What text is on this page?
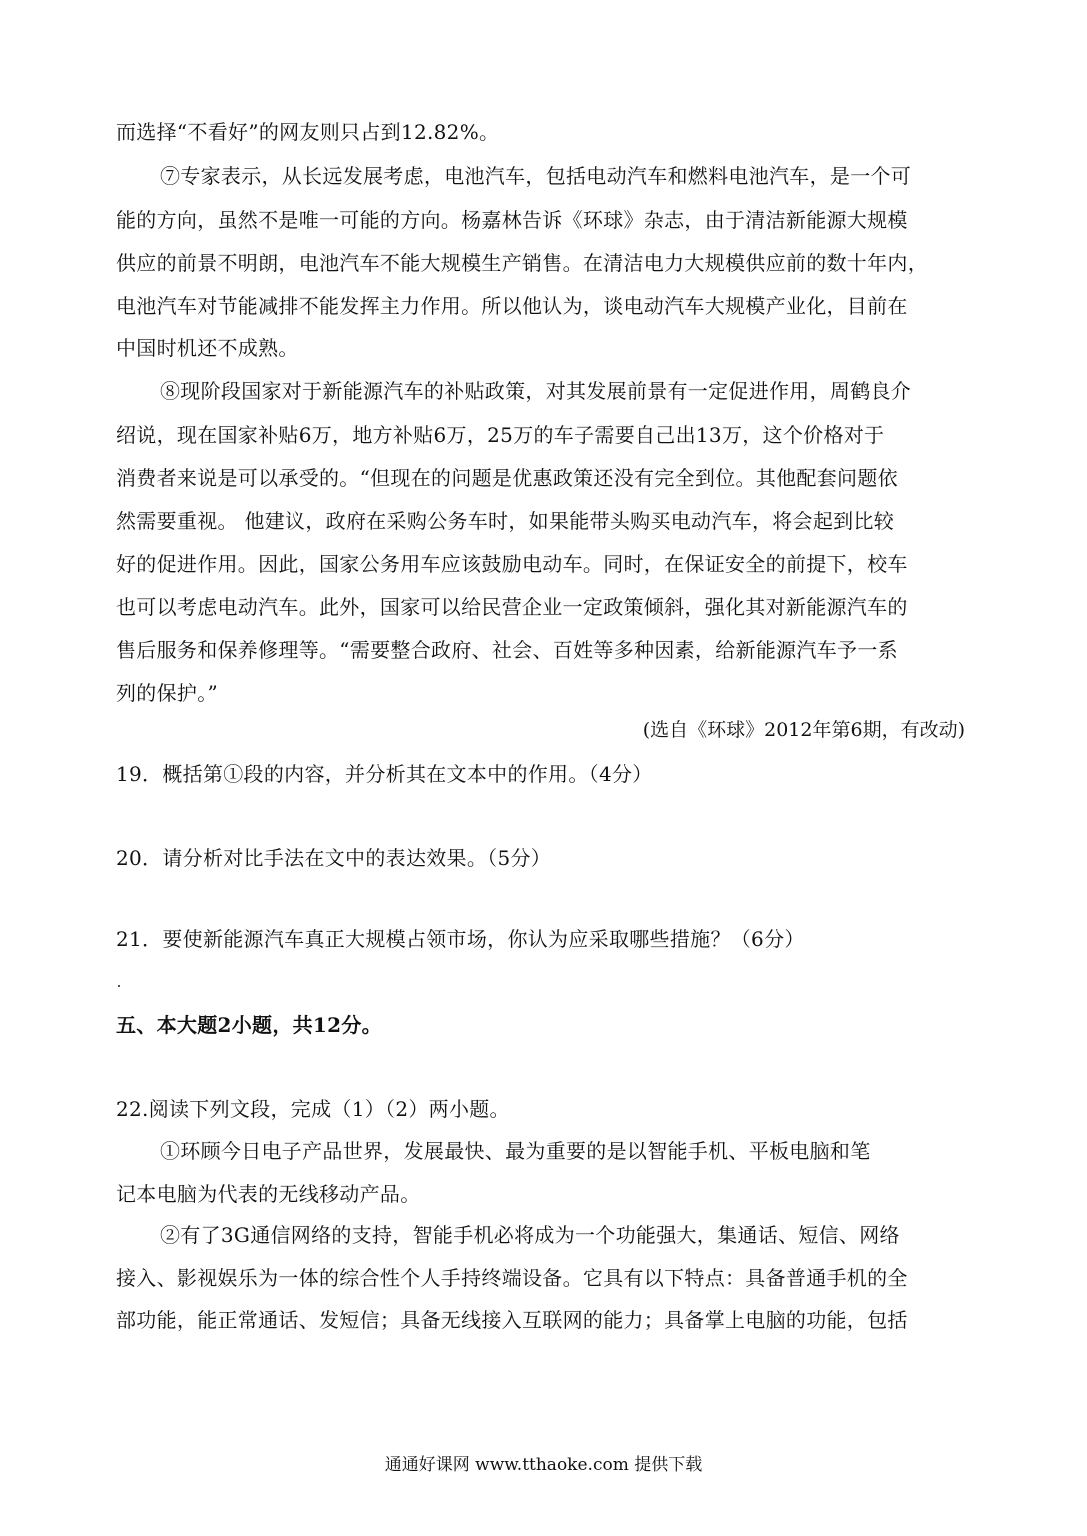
而选择“不看好”的网友则只占到12.82%。
⑦专家表示，从长远发展考虑，电池汽车，包括电动汽车和燃料电池汽车，是一个可
能的方向，虽然不是唯一可能的方向。杨嘉林告诉《环球》杂志，由于清洁新能源大规模
供应的前景不明朗，电池汽车不能大规模生产销售。在清洁电力大规模供应前的数十年内，
电池汽车对节能减排不能发挥主力作用。所以他认为，谈电动汽车大规模产业化，目前在
中国时机还不成熟。
⑧现阶段国家对于新能源汽车的补贴政策，对其发展前景有一定促进作用，周鹤良介
绍说，现在国家补贴6万，地方补贴6万，25万的车子需要自己出13万，这个价格对于
消费者来说是可以承受的。“但现在的问题是优惠政策还没有完全到位。其他配套问题依
然需要重视。 他建议，政府在采购公务车时，如果能带头购买电动汽车，将会起到比较
好的促进作用。因此，国家公务用车应该鼓励电动车。同时，在保证安全的前提下，校车
也可以考虑电动汽车。此外，国家可以给民营企业一定政策倾斜，强化其对新能源汽车的
售后服务和保养修理等。“需要整合政府、社会、百姓等多种因素，给新能源汽车予一系
列的保护。”
(选自《环球》2012年第6期，有改动)
19．概括第①段的内容，并分析其在文本中的作用。（4分）
20．请分析对比手法在文中的表达效果。（5分）
21．要使新能源汽车真正大规模占领市场，你认为应采取哪些措施？（6分）
五、本大题2小题，共12分。
22.阅读下列文段，完成（1）（2）两小题。
①环顾今日电子产品世界，发展最快、最为重要的是以智能手机、平板电脑和笔
记本电脑为代表的无线移动产品。
②有了3G通信网络的支持，智能手机必将成为一个功能强大，集通话、短信、网络
接入、影视娱乐为一体的综合性个人手持终端设备。它具有以下特点：具备普通手机的全
部功能，能正常通话、发短信；具备无线接入互联网的能力；具备掌上电脑的功能，包括
通通好课网 www.tthaoke.com 提供下载
